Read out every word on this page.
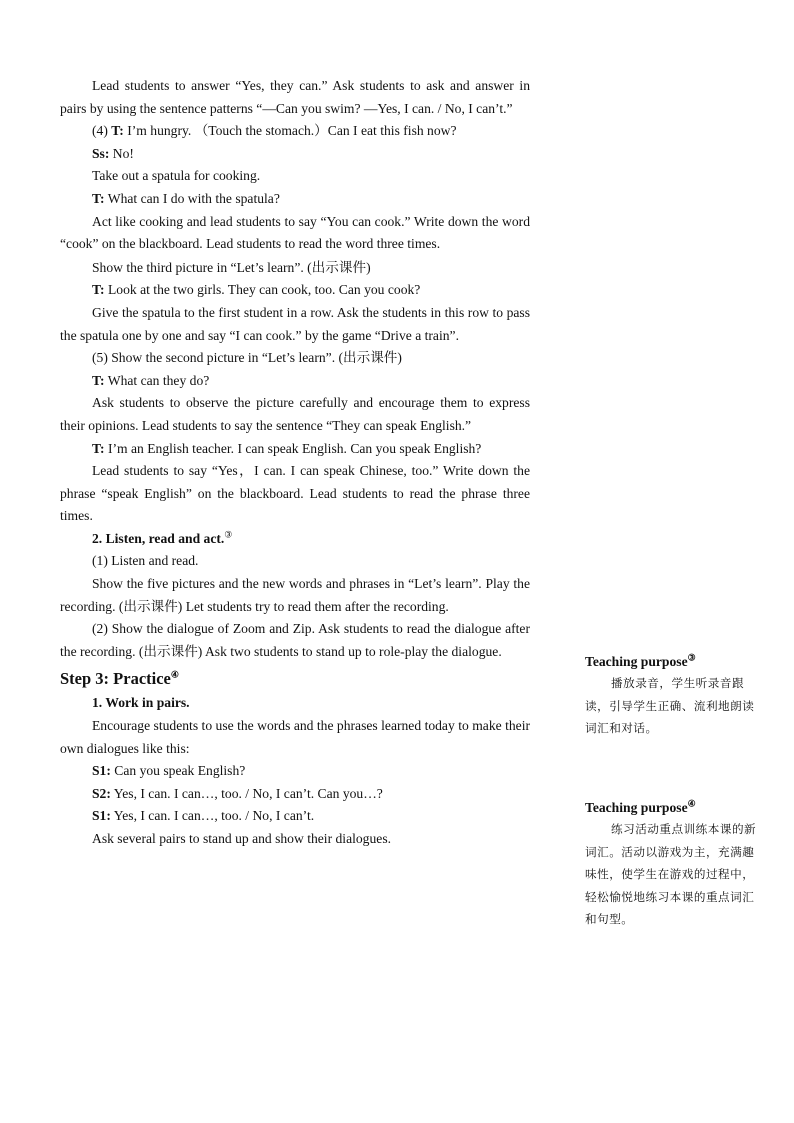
Lead students to answer “Yes, they can.” Ask students to ask and answer in pairs by using the sentence patterns “—Can you swim? —Yes, I can. / No, I can’t.”

(4) T: I’m hungry. （Touch the stomach.）Can I eat this fish now?

Ss: No!

Take out a spatula for cooking.

T: What can I do with the spatula?

Act like cooking and lead students to say “You can cook.” Write down the word “cook” on the blackboard. Lead students to read the word three times.

Show the third picture in “Let’s learn”. (出示课件)

T: Look at the two girls. They can cook, too. Can you cook?

Give the spatula to the first student in a row. Ask the students in this row to pass the spatula one by one and say “I can cook.” by the game “Drive a train”.

(5) Show the second picture in “Let’s learn”. (出示课件)

T: What can they do?

Ask students to observe the picture carefully and encourage them to express their opinions. Lead students to say the sentence “They can speak English.”

T: I’m an English teacher. I can speak English. Can you speak English?

Lead students to say “Yes，I can. I can speak Chinese, too.” Write down the phrase “speak English” on the blackboard. Lead students to read the phrase three times.

2. Listen, read and act.③

(1) Listen and read.

Show the five pictures and the new words and phrases in “Let’s learn”. Play the recording. (出示课件) Let students try to read them after the recording.

(2) Show the dialogue of Zoom and Zip. Ask students to read the dialogue after the recording. (出示课件) Ask two students to stand up to role-play the dialogue.

Step 3: Practice④

1. Work in pairs.

Encourage students to use the words and the phrases learned today to make their own dialogues like this:

S1: Can you speak English?

S2: Yes, I can. I can…, too. / No, I can’t. Can you…?

S1: Yes, I can. I can…, too. / No, I can’t.

Ask several pairs to stand up and show their dialogues.

Teaching purpose③

播放录音，学生听录音跟读，引导学生正确、流利地朗读词汇和对话。

Teaching purpose④

练习活动重点训练本课的新词汇。活动以游戏为主，充满趣味性，使学生在游戏的过程中，轻松愉悦地练习本课的重点词汇和句型。
